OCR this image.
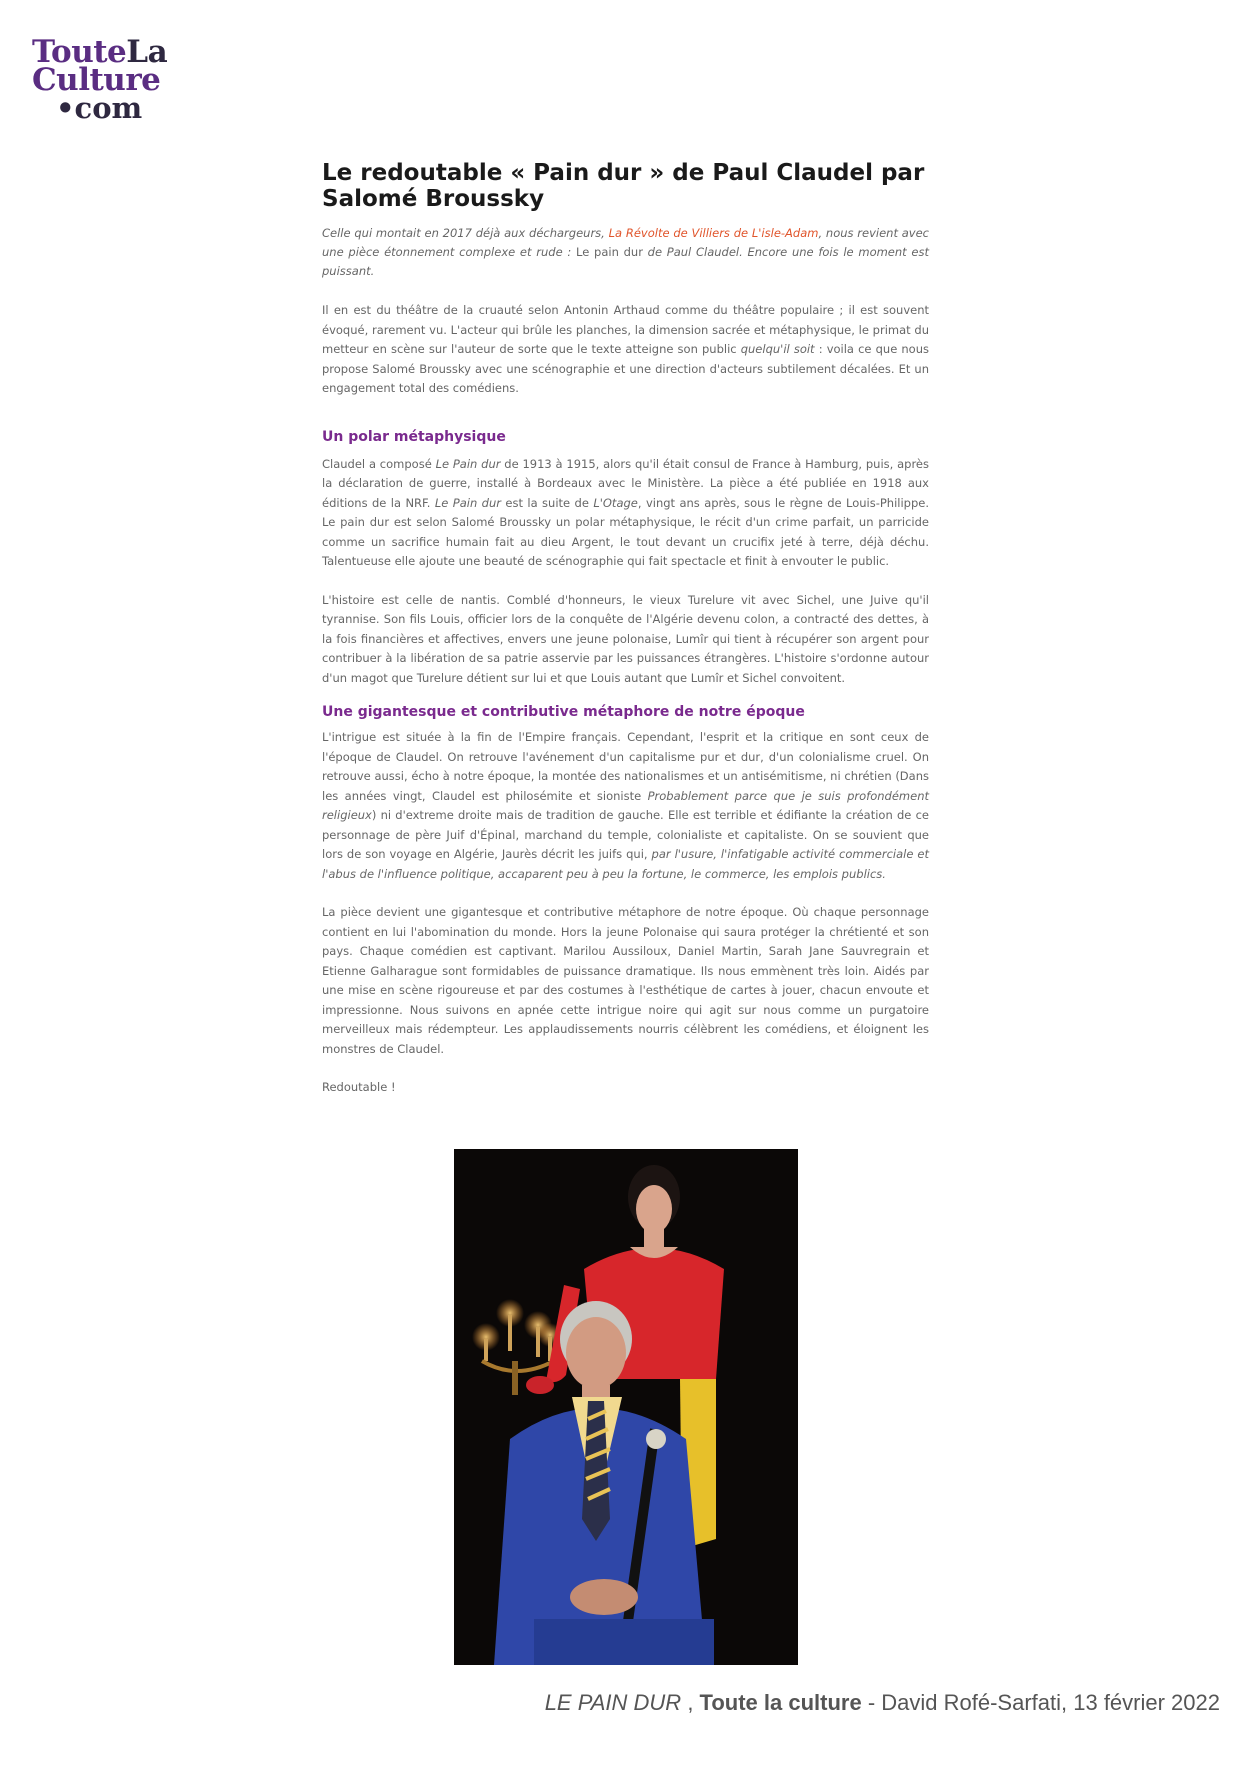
TouteLa
Culture
•com
Le redoutable « Pain dur » de Paul Claudel par Salomé Broussky

Celle qui montait en 2017 déjà aux déchargeurs, La Révolte de Villiers de L'isle-Adam, nous revient avec une pièce étonnement complexe et rude : Le pain dur de Paul Claudel. Encore une fois le moment est puissant.

Il en est du théâtre de la cruauté selon Antonin Arthaud comme du théâtre populaire ; il est souvent évoqué, rarement vu. L'acteur qui brûle les planches, la dimension sacrée et métaphysique, le primat du metteur en scène sur l'auteur de sorte que le texte atteigne son public quelqu'il soit : voila ce que nous propose Salomé Broussky avec une scénographie et une direction d'acteurs subtilement décalées. Et un engagement total des comédiens.

Un polar métaphysique

Claudel a composé Le Pain dur de 1913 à 1915, alors qu'il était consul de France à Hamburg, puis, après la déclaration de guerre, installé à Bordeaux avec le Ministère. La pièce a été publiée en 1918 aux éditions de la NRF. Le Pain dur est la suite de L'Otage, vingt ans après, sous le règne de Louis-Philippe. Le pain dur est selon Salomé Broussky un polar métaphysique, le récit d'un crime parfait, un parricide comme un sacrifice humain fait au dieu Argent, le tout devant un crucifix jeté à terre, déjà déchu. Talentueuse elle ajoute une beauté de scénographie qui fait spectacle et finit à envouter le public.

L'histoire est celle de nantis. Comblé d'honneurs, le vieux Turelure vit avec Sichel, une Juive qu'il tyrannise. Son fils Louis, officier lors de la conquête de l'Algérie devenu colon, a contracté des dettes, à la fois financières et affectives, envers une jeune polonaise, Lumîr qui tient à récupérer son argent pour contribuer à la libération de sa patrie asservie par les puissances étrangères. L'histoire s'ordonne autour d'un magot que Turelure détient sur lui et que Louis autant que Lumîr et Sichel convoitent.

Une gigantesque et contributive métaphore de notre époque

L'intrigue est située à la fin de l'Empire français. Cependant, l'esprit et la critique en sont ceux de l'époque de Claudel. On retrouve l'avénement d'un capitalisme pur et dur, d'un colonialisme cruel. On retrouve aussi, écho à notre époque, la montée des nationalismes et un antisémitisme, ni chrétien (Dans les années vingt, Claudel est philosémite et sioniste Probablement parce que je suis profondément religieux) ni d'extreme droite mais de tradition de gauche. Elle est terrible et édifiante la création de ce personnage de père Juif d'Épinal, marchand du temple, colonialiste et capitaliste. On se souvient que lors de son voyage en Algérie, Jaurès décrit les juifs qui, par l'usure, l'infatigable activité commerciale et l'abus de l'influence politique, accaparent peu à peu la fortune, le commerce, les emplois publics.

La pièce devient une gigantesque et contributive métaphore de notre époque. Où chaque personnage contient en lui l'abomination du monde. Hors la jeune Polonaise qui saura protéger la chrétienté et son pays. Chaque comédien est captivant. Marilou Aussiloux, Daniel Martin, Sarah Jane Sauvregrain et Etienne Galharague sont formidables de puissance dramatique. Ils nous emmènent très loin. Aidés par une mise en scène rigoureuse et par des costumes à l'esthétique de cartes à jouer, chacun envoute et impressionne. Nous suivons en apnée cette intrigue noire qui agit sur nous comme un purgatoire merveilleux mais rédempteur. Les applaudissements nourris célèbrent les comédiens, et éloignent les monstres de Claudel.

Redoutable !

LE PAIN DUR , Toute la culture - David Rofé-Sarfati, 13 février 2022
